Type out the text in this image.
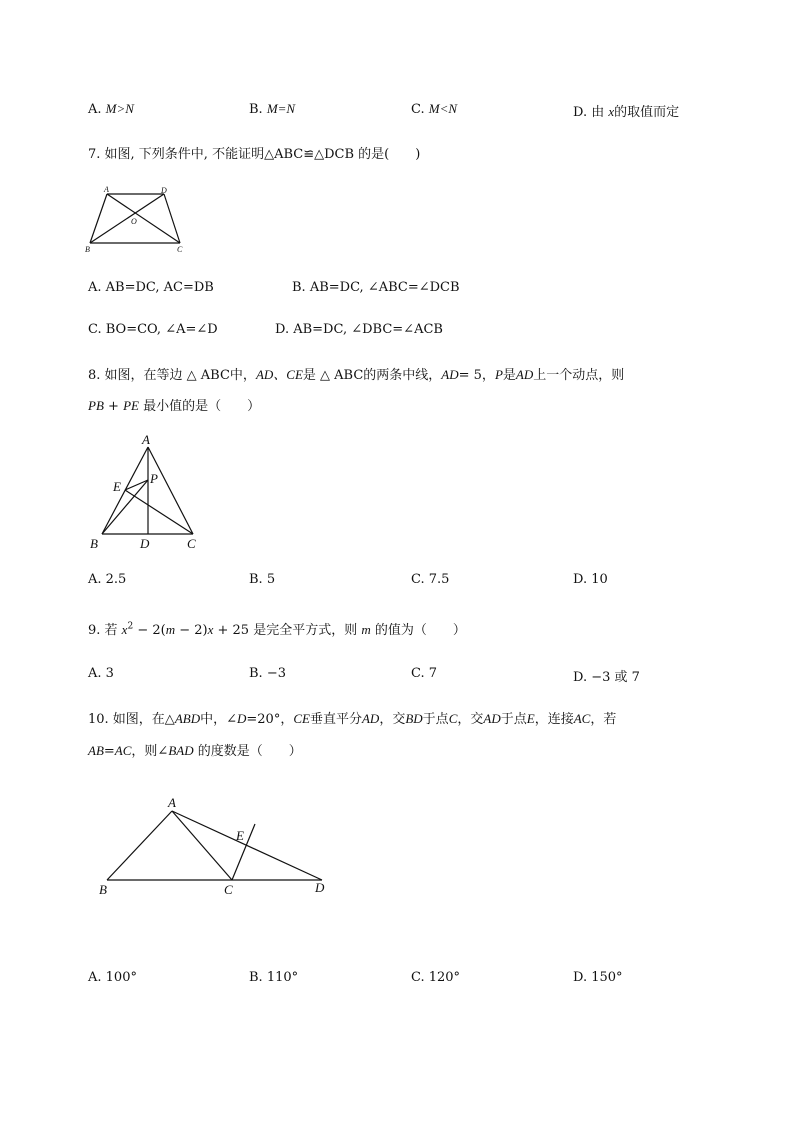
A. M>N	B. M=N	C. M<N	D. 由 x的取值而定
7. 如图, 下列条件中, 不能证明△ABC≌△DCB 的是(　　)
A	D
O
B	C
A. AB=DC, AC=DB	B. AB=DC, ∠ABC=∠DCB
C. BO=CO, ∠A=∠D	D. AB=DC, ∠DBC=∠ACB
8. 如图，在等边 △ ABC中，AD、CE是 △ ABC的两条中线，AD= 5，P是AD上一个动点，则
PB + PE 最小值的是（　　）
A
E
P
B	D	C
A. 2.5	B. 5	C. 7.5	D. 10
9. 若 $x^2 - 2(m - 2)x + 25$ 是完全平方式，则 m 的值为（　　）
A. 3	B. −3	C. 7	D. −3 或 7
10. 如图，在△ABD中，∠D=20°，CE垂直平分AD，交BD于点C，交AD于点E，连接AC，若
AB=AC，则∠BAD 的度数是（　　）
A
E
B	C	D
A. 100°	B. 110°	C. 120°	D. 150°
